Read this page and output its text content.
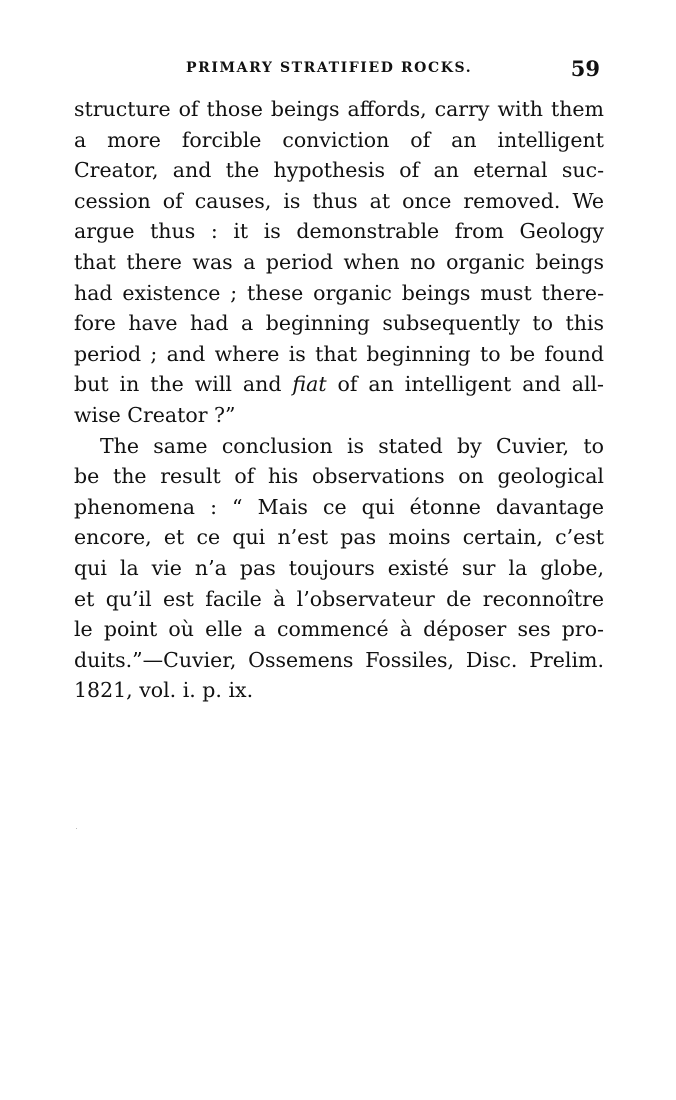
PRIMARY STRATIFIED ROCKS.	59
structure of those beings affords, carry with them
a more forcible conviction of an intelligent
Creator, and the hypothesis of an eternal suc-
cession of causes, is thus at once removed. We
argue thus : it is demonstrable from Geology
that there was a period when no organic beings
had existence ; these organic beings must there-
fore have had a beginning subsequently to this
period ; and where is that beginning to be found
but in the will and fiat of an intelligent and all-
wise Creator ?”
The same conclusion is stated by Cuvier, to
be the result of his observations on geological
phenomena : “ Mais ce qui étonne davantage
encore, et ce qui n’est pas moins certain, c’est
qui la vie n’a pas toujours existé sur la globe,
et qu’il est facile à l’observateur de reconnoître
le point où elle a commencé à déposer ses pro-
duits.”—Cuvier, Ossemens Fossiles, Disc. Prelim.
1821, vol. i. p. ix.
